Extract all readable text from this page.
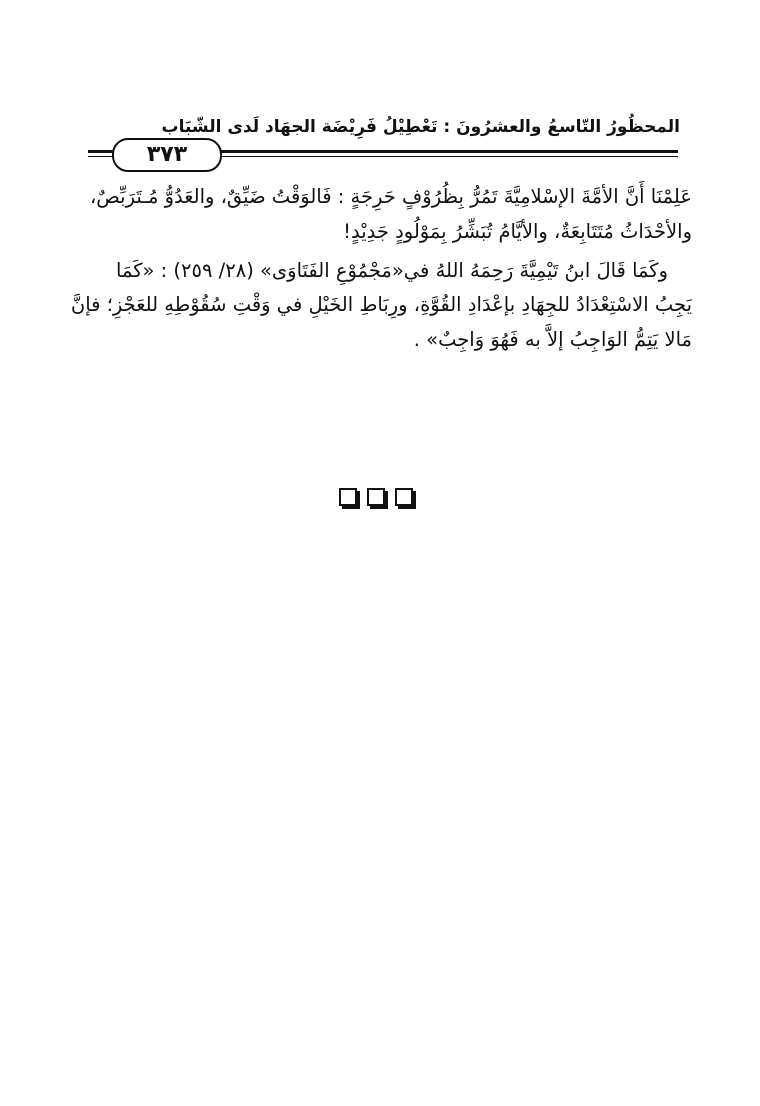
المحظُورُ التّاسعُ والعشرُونَ : تَعْطِيْلُ فَرِيْضَة الجهَاد لَدى الشّبَاب
٣٧٣

عَلِمْنَا أَنَّ الأمَّةَ الإسْلامِيَّةَ تَمُرُّ بِظُرُوْفٍ حَرِجَةٍ : فَالوَقْتُ ضَيِّقٌ، والعَدُوُّ مُـتَرَبِّصٌ،
والأحْدَاثُ مُتَتَابِعَةٌ، والأيَّامُ تُبَشِّرُ بِمَوْلُودٍ جَدِيْدٍ!

وكَمَا قَالَ ابنُ تَيْمِيَّةَ رَحِمَهُ اللهُ في«مَجْمُوْعِ الفَتَاوَى» (٢٨/ ٢٥٩) : «كَمَا
يَجِبُ الاسْتِعْدَادُ للجِهَادِ بإعْدَادِ القُوَّةِ، ورِبَاطِ الخَيْلِ في وَقْتِ سُقُوْطِهِ للعَجْزِ؛ فإنَّ
مَالا يَتِمُّ الوَاجِبُ إلاَّ به فَهُوَ وَاجِبٌ» .
